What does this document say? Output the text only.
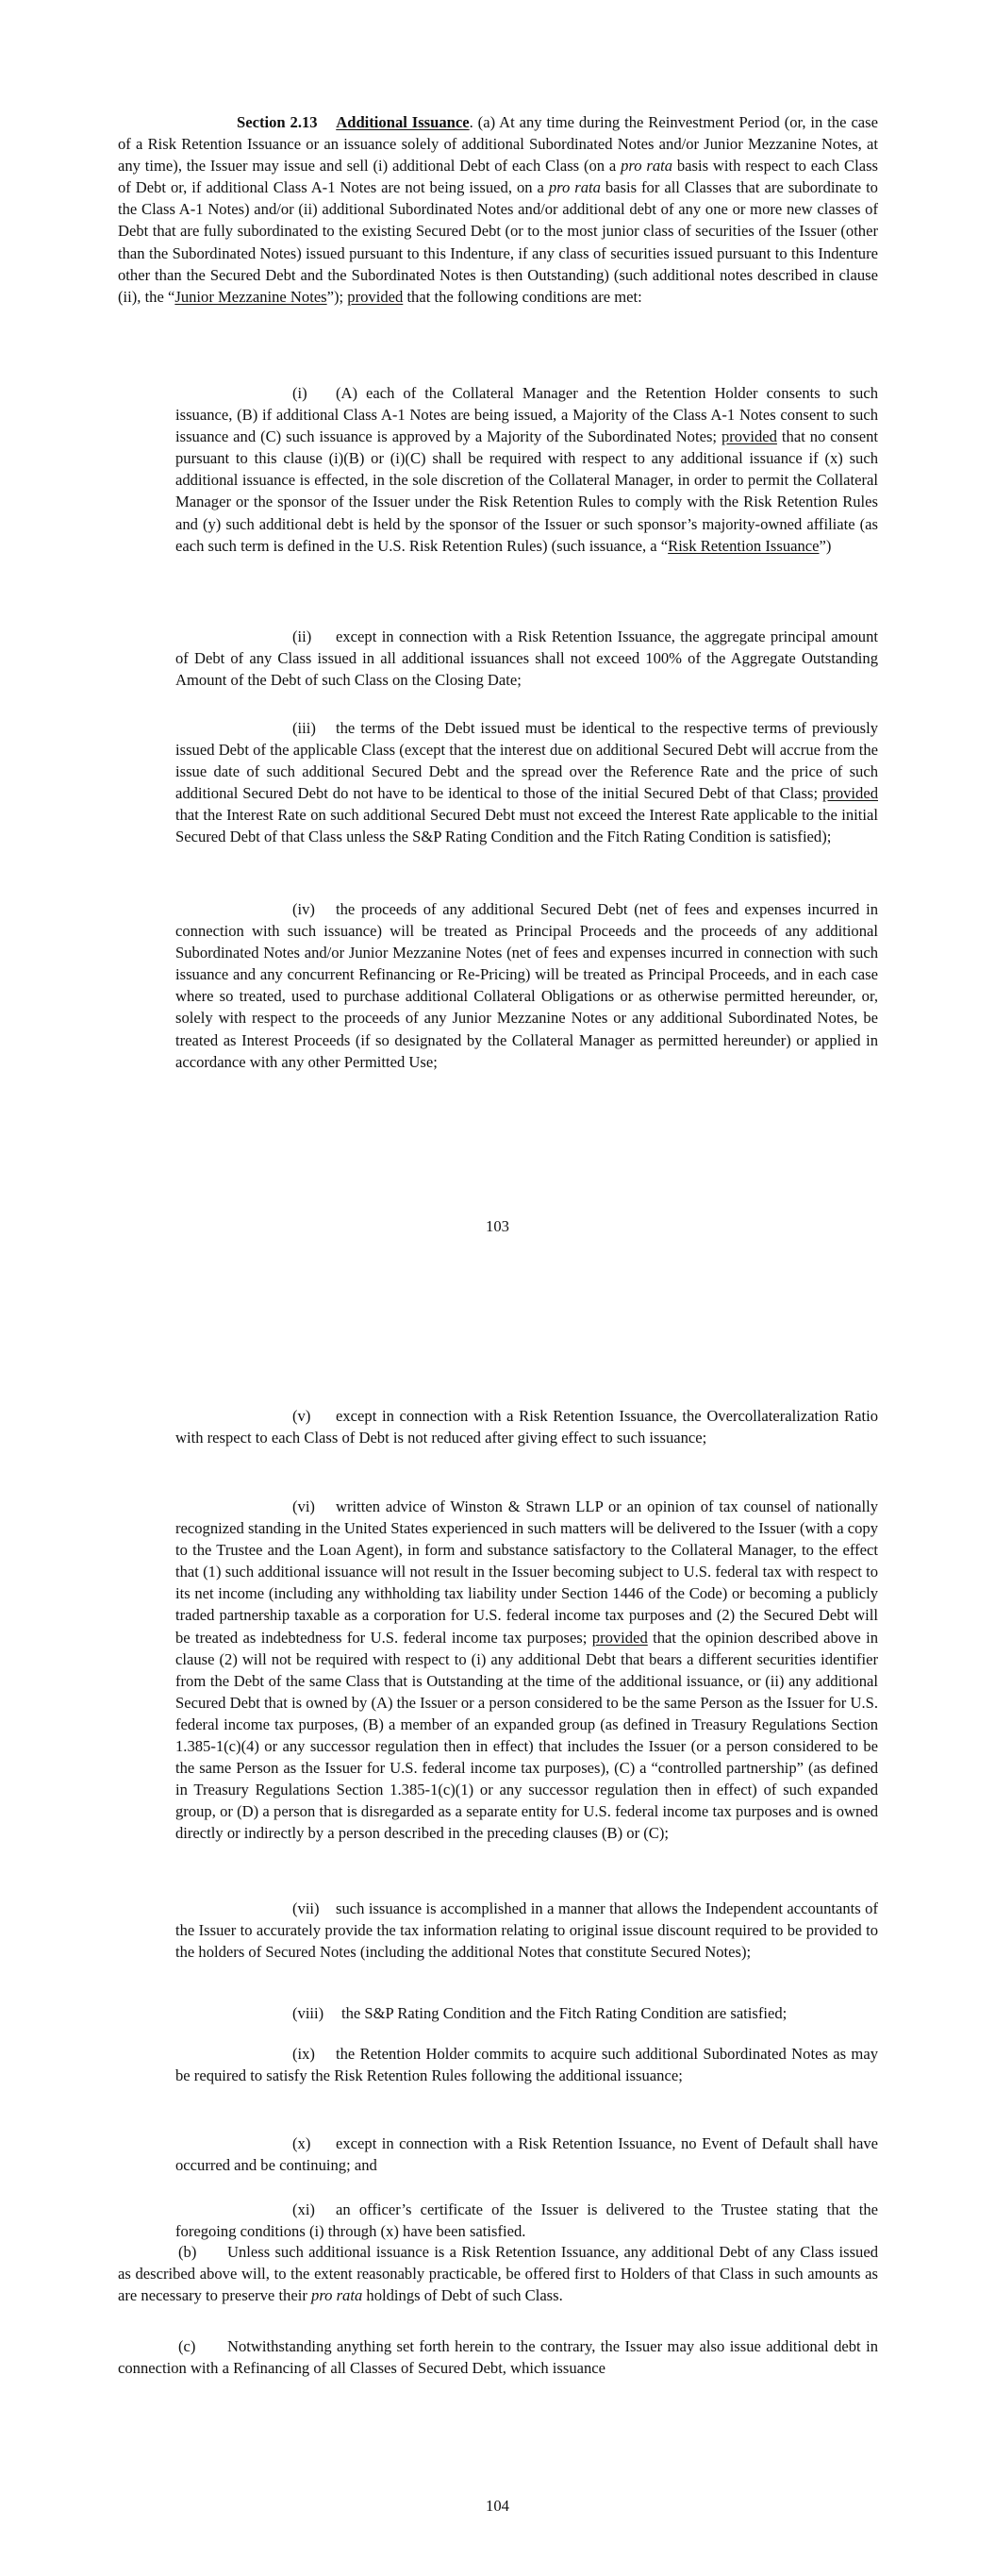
Section 2.13 Additional Issuance. (a) At any time during the Reinvestment Period (or, in the case of a Risk Retention Issuance or an issuance solely of additional Subordinated Notes and/or Junior Mezzanine Notes, at any time), the Issuer may issue and sell (i) additional Debt of each Class (on a pro rata basis with respect to each Class of Debt or, if additional Class A-1 Notes are not being issued, on a pro rata basis for all Classes that are subordinate to the Class A-1 Notes) and/or (ii) additional Subordinated Notes and/or additional debt of any one or more new classes of Debt that are fully subordinated to the existing Secured Debt (or to the most junior class of securities of the Issuer (other than the Subordinated Notes) issued pursuant to this Indenture, if any class of securities issued pursuant to this Indenture other than the Secured Debt and the Subordinated Notes is then Outstanding) (such additional notes described in clause (ii), the “Junior Mezzanine Notes”); provided that the following conditions are met:

(i) (A) each of the Collateral Manager and the Retention Holder consents to such issuance, (B) if additional Class A-1 Notes are being issued, a Majority of the Class A-1 Notes consent to such issuance and (C) such issuance is approved by a Majority of the Subordinated Notes; provided that no consent pursuant to this clause (i)(B) or (i)(C) shall be required with respect to any additional issuance if (x) such additional issuance is effected, in the sole discretion of the Collateral Manager, in order to permit the Collateral Manager or the sponsor of the Issuer under the Risk Retention Rules to comply with the Risk Retention Rules and (y) such additional debt is held by the sponsor of the Issuer or such sponsor’s majority-owned affiliate (as each such term is defined in the U.S. Risk Retention Rules) (such issuance, a “Risk Retention Issuance”)

(ii) except in connection with a Risk Retention Issuance, the aggregate principal amount of Debt of any Class issued in all additional issuances shall not exceed 100% of the Aggregate Outstanding Amount of the Debt of such Class on the Closing Date;

(iii) the terms of the Debt issued must be identical to the respective terms of previously issued Debt of the applicable Class (except that the interest due on additional Secured Debt will accrue from the issue date of such additional Secured Debt and the spread over the Reference Rate and the price of such additional Secured Debt do not have to be identical to those of the initial Secured Debt of that Class; provided that the Interest Rate on such additional Secured Debt must not exceed the Interest Rate applicable to the initial Secured Debt of that Class unless the S&P Rating Condition and the Fitch Rating Condition is satisfied);

(iv) the proceeds of any additional Secured Debt (net of fees and expenses incurred in connection with such issuance) will be treated as Principal Proceeds and the proceeds of any additional Subordinated Notes and/or Junior Mezzanine Notes (net of fees and expenses incurred in connection with such issuance and any concurrent Refinancing or Re-Pricing) will be treated as Principal Proceeds, and in each case where so treated, used to purchase additional Collateral Obligations or as otherwise permitted hereunder, or, solely with respect to the proceeds of any Junior Mezzanine Notes or any additional Subordinated Notes, be treated as Interest Proceeds (if so designated by the Collateral Manager as permitted hereunder) or applied in accordance with any other Permitted Use;

103

(v) except in connection with a Risk Retention Issuance, the Overcollateralization Ratio with respect to each Class of Debt is not reduced after giving effect to such issuance;

(vi) written advice of Winston & Strawn LLP or an opinion of tax counsel of nationally recognized standing in the United States experienced in such matters will be delivered to the Issuer (with a copy to the Trustee and the Loan Agent), in form and substance satisfactory to the Collateral Manager, to the effect that (1) such additional issuance will not result in the Issuer becoming subject to U.S. federal tax with respect to its net income (including any withholding tax liability under Section 1446 of the Code) or becoming a publicly traded partnership taxable as a corporation for U.S. federal income tax purposes and (2) the Secured Debt will be treated as indebtedness for U.S. federal income tax purposes; provided that the opinion described above in clause (2) will not be required with respect to (i) any additional Debt that bears a different securities identifier from the Debt of the same Class that is Outstanding at the time of the additional issuance, or (ii) any additional Secured Debt that is owned by (A) the Issuer or a person considered to be the same Person as the Issuer for U.S. federal income tax purposes, (B) a member of an expanded group (as defined in Treasury Regulations Section 1.385-1(c)(4) or any successor regulation then in effect) that includes the Issuer (or a person considered to be the same Person as the Issuer for U.S. federal income tax purposes), (C) a “controlled partnership” (as defined in Treasury Regulations Section 1.385-1(c)(1) or any successor regulation then in effect) of such expanded group, or (D) a person that is disregarded as a separate entity for U.S. federal income tax purposes and is owned directly or indirectly by a person described in the preceding clauses (B) or (C);

(vii) such issuance is accomplished in a manner that allows the Independent accountants of the Issuer to accurately provide the tax information relating to original issue discount required to be provided to the holders of Secured Notes (including the additional Notes that constitute Secured Notes);

(viii) the S&P Rating Condition and the Fitch Rating Condition are satisfied;

(ix) the Retention Holder commits to acquire such additional Subordinated Notes as may be required to satisfy the Risk Retention Rules following the additional issuance;

(x) except in connection with a Risk Retention Issuance, no Event of Default shall have occurred and be continuing; and

(xi) an officer’s certificate of the Issuer is delivered to the Trustee stating that the foregoing conditions (i) through (x) have been satisfied.

(b) Unless such additional issuance is a Risk Retention Issuance, any additional Debt of any Class issued as described above will, to the extent reasonably practicable, be offered first to Holders of that Class in such amounts as are necessary to preserve their pro rata holdings of Debt of such Class.

(c) Notwithstanding anything set forth herein to the contrary, the Issuer may also issue additional debt in connection with a Refinancing of all Classes of Secured Debt, which issuance

104
